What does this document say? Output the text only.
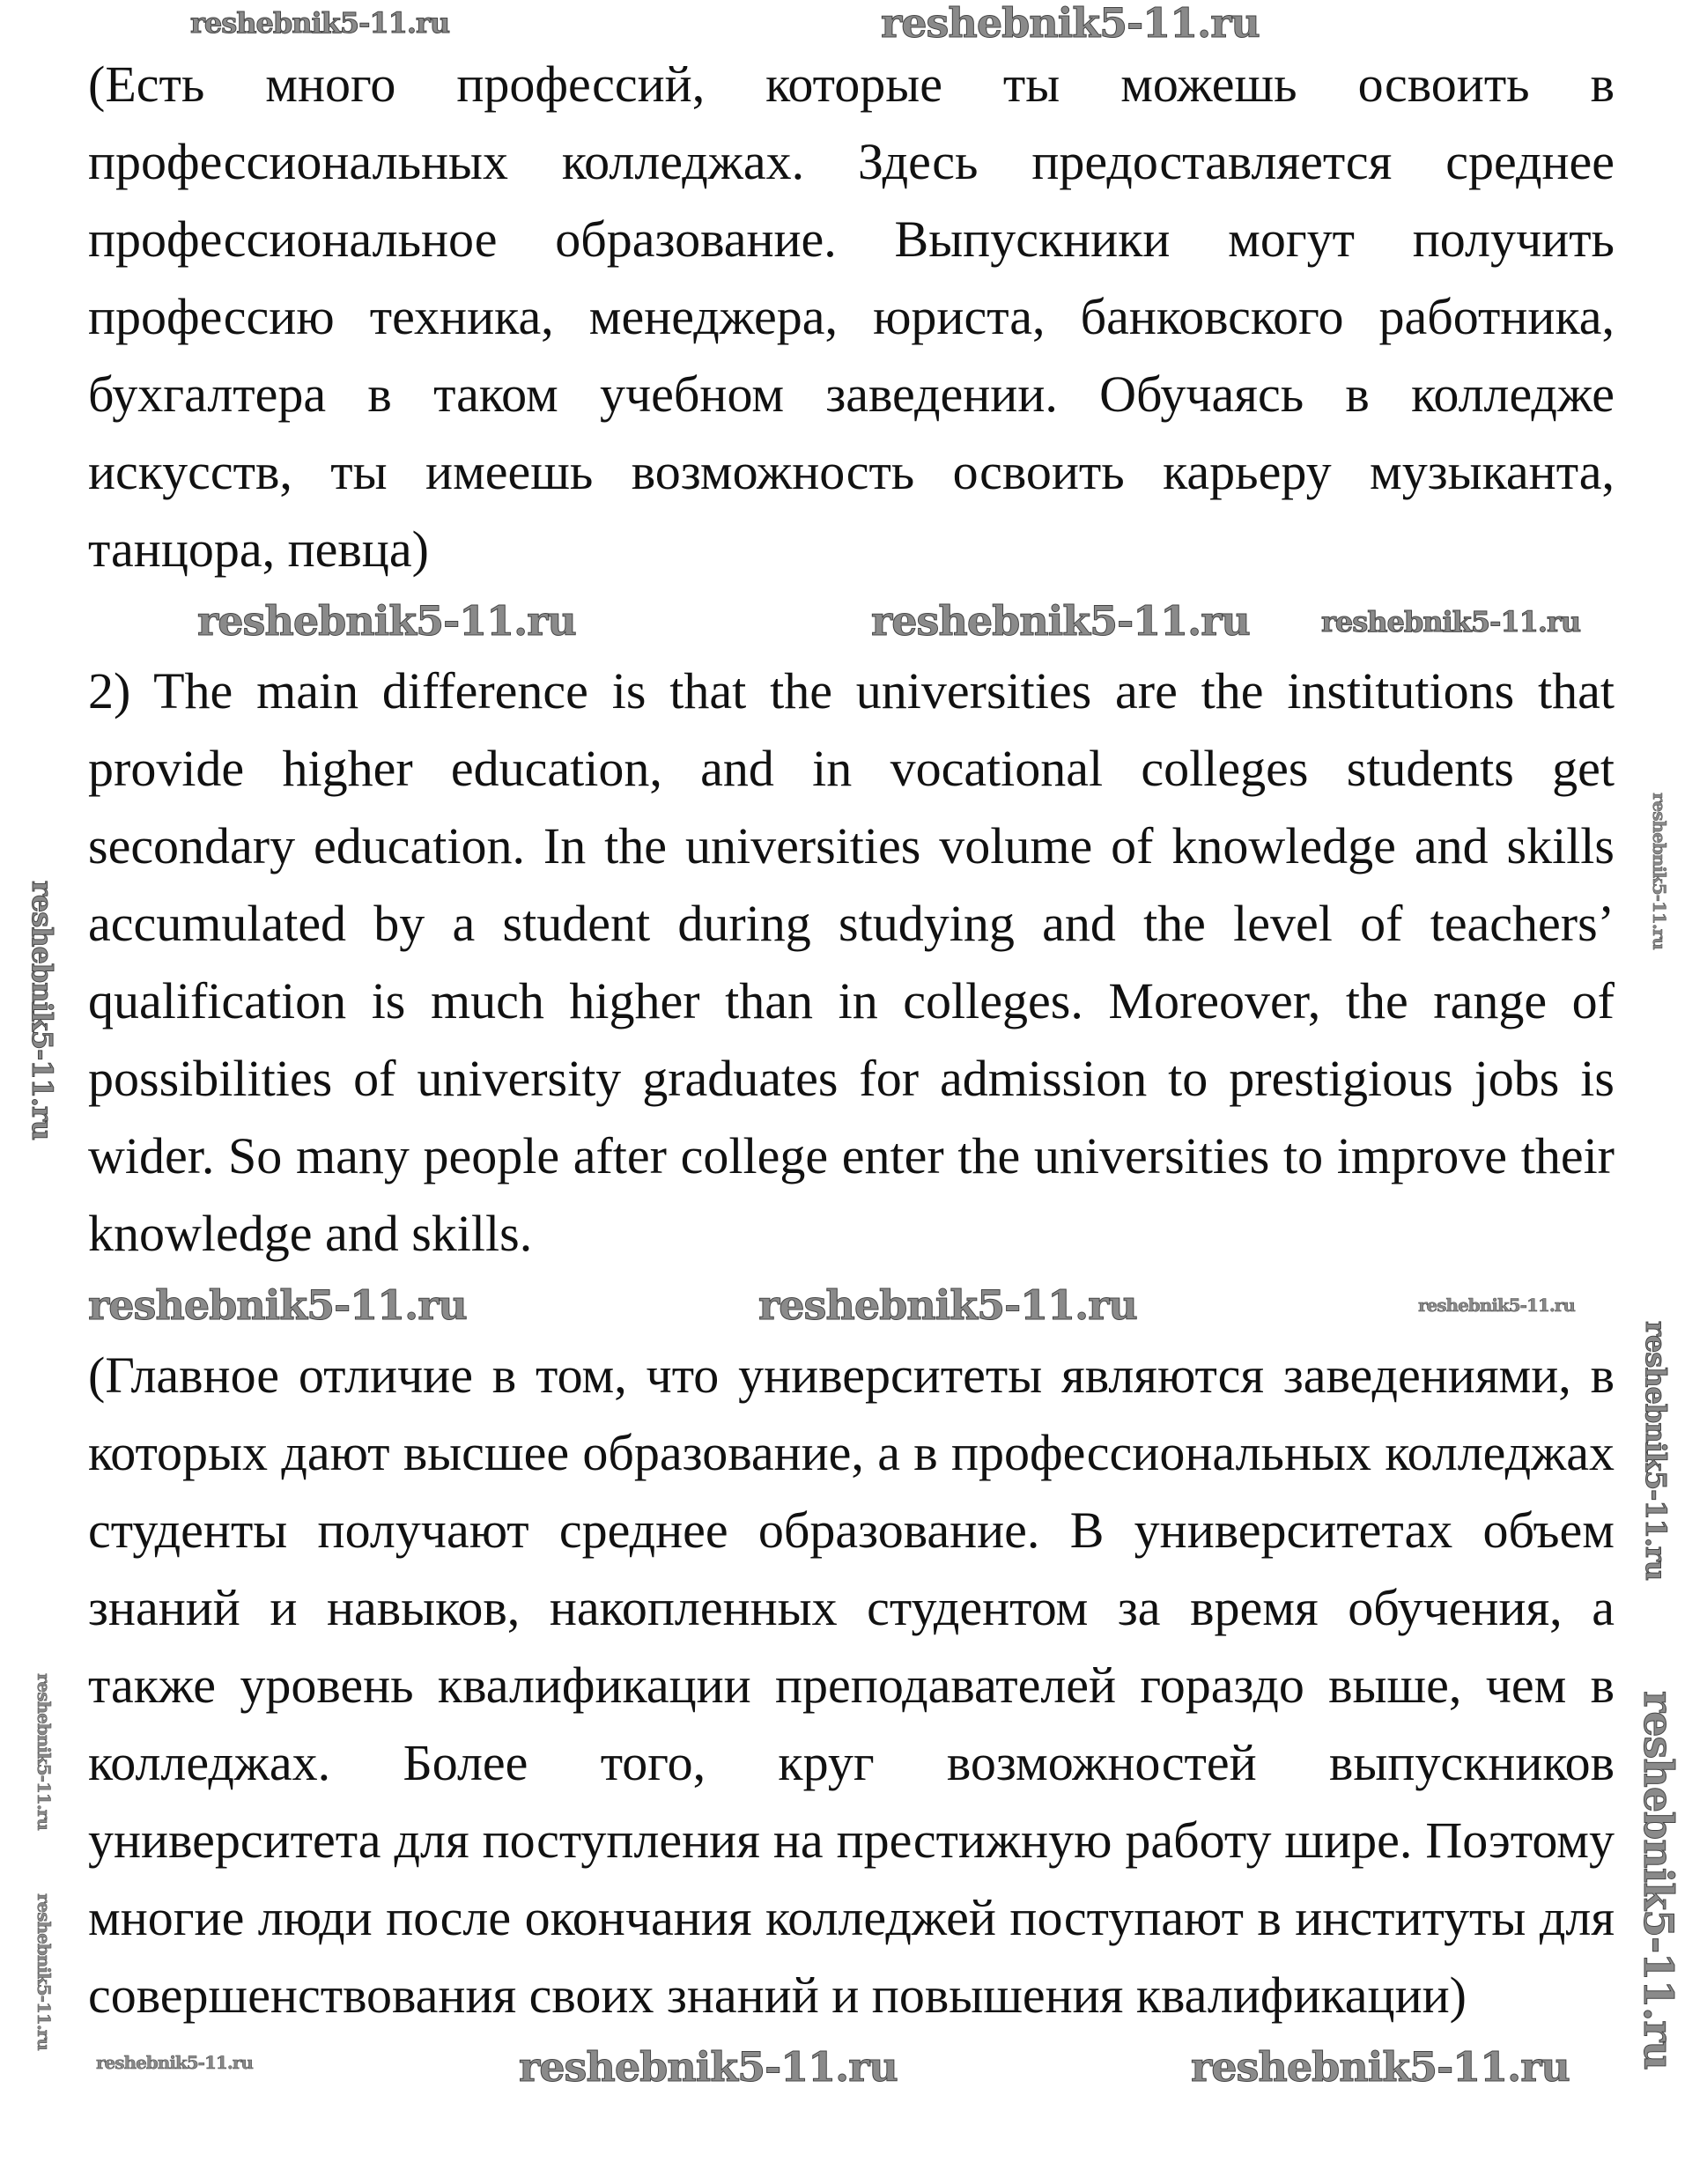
reshebnik5-11.ru	reshebnik5-11.ru
reshebnik5-11.ru
reshebnik5-11.ru
reshebnik5-11.ru
reshebnik5-11.ru
reshebnik5-11.ru
reshebnik5-11.ru

(Есть много профессий, которые ты можешь освоить в профессиональных колледжах. Здесь предоставляется среднее профессиональное образование. Выпускники могут получить профессию техника, менеджера, юриста, банковского работника, бухгалтера в таком учебном заведении. Обучаясь в колледже искусств, ты имеешь возможность освоить карьеру музыканта, танцора, певца)

reshebnik5-11.ru	reshebnik5-11.ru	reshebnik5-11.ru

2) The main difference is that the universities are the institutions that provide higher education, and in vocational colleges students get secondary education. In the universities volume of knowledge and skills accumulated by a student during studying and the level of teachers’ qualification is much higher than in colleges. Moreover, the range of possibilities of university graduates for admission to prestigious jobs is wider. So many people after college enter the universities to improve their knowledge and skills.

reshebnik5-11.ru	reshebnik5-11.ru	reshebnik5-11.ru

(Главное отличие в том, что университеты являются заведениями, в которых дают высшее образование, а в профессиональных колледжах студенты получают среднее образование. В университетах объем знаний и навыков, накопленных студентом за время обучения, а также уровень квалификации преподавателей гораздо выше, чем в колледжах. Более того, круг возможностей выпускников университета для поступления на престижную работу шире. Поэтому многие люди после окончания колледжей поступают в институты для совершенствования своих знаний и повышения квалификации)

reshebnik5-11.ru	reshebnik5-11.ru	reshebnik5-11.ru
